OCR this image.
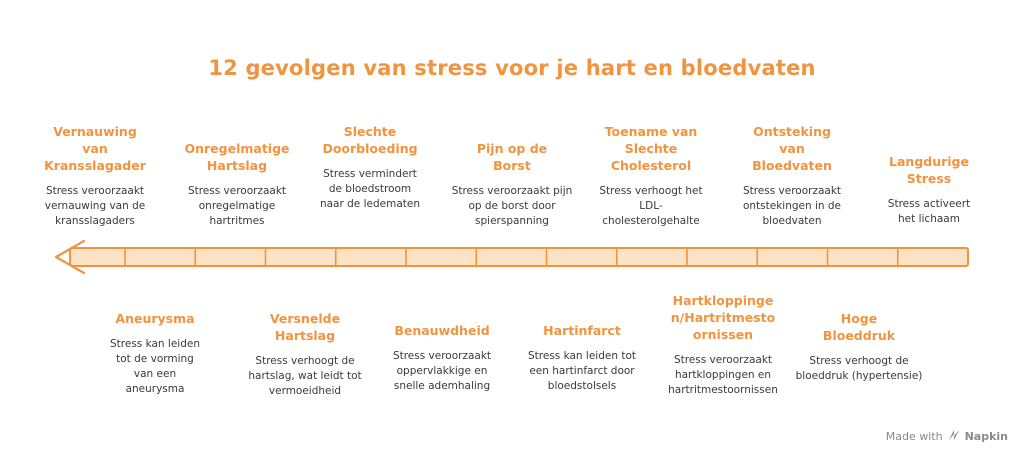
12 gevolgen van stress voor je hart en bloedvaten
Vernauwing van Kransslagader
Stress veroorzaakt vernauwing van de kransslagaders
Onregelmatige Hartslag
Stress veroorzaakt onregelmatige hartritmes
Slechte Doorbloeding
Stress vermindert de bloedstroom naar de ledematen
Pijn op de Borst
Stress veroorzaakt pijn op de borst door spierspanning
Toename van Slechte Cholesterol
Stress verhoogt het LDL-cholesterolgehalte
Ontsteking van Bloedvaten
Stress veroorzaakt ontstekingen in de bloedvaten
Langdurige Stress
Stress activeert het lichaam
Aneurysma
Stress kan leiden tot de vorming van een aneurysma
Versnelde Hartslag
Stress verhoogt de hartslag, wat leidt tot vermoeidheid
Benauwdheid
Stress veroorzaakt oppervlakkige en snelle ademhaling
Hartinfarct
Stress kan leiden tot een hartinfarct door bloedstolsels
Hartkloppingen/Hartritmestoornissen
Stress veroorzaakt hartkloppingen en hartritmestoornissen
Hoge Bloeddruk
Stress verhoogt de bloeddruk (hypertensie)
Made with Napkin
